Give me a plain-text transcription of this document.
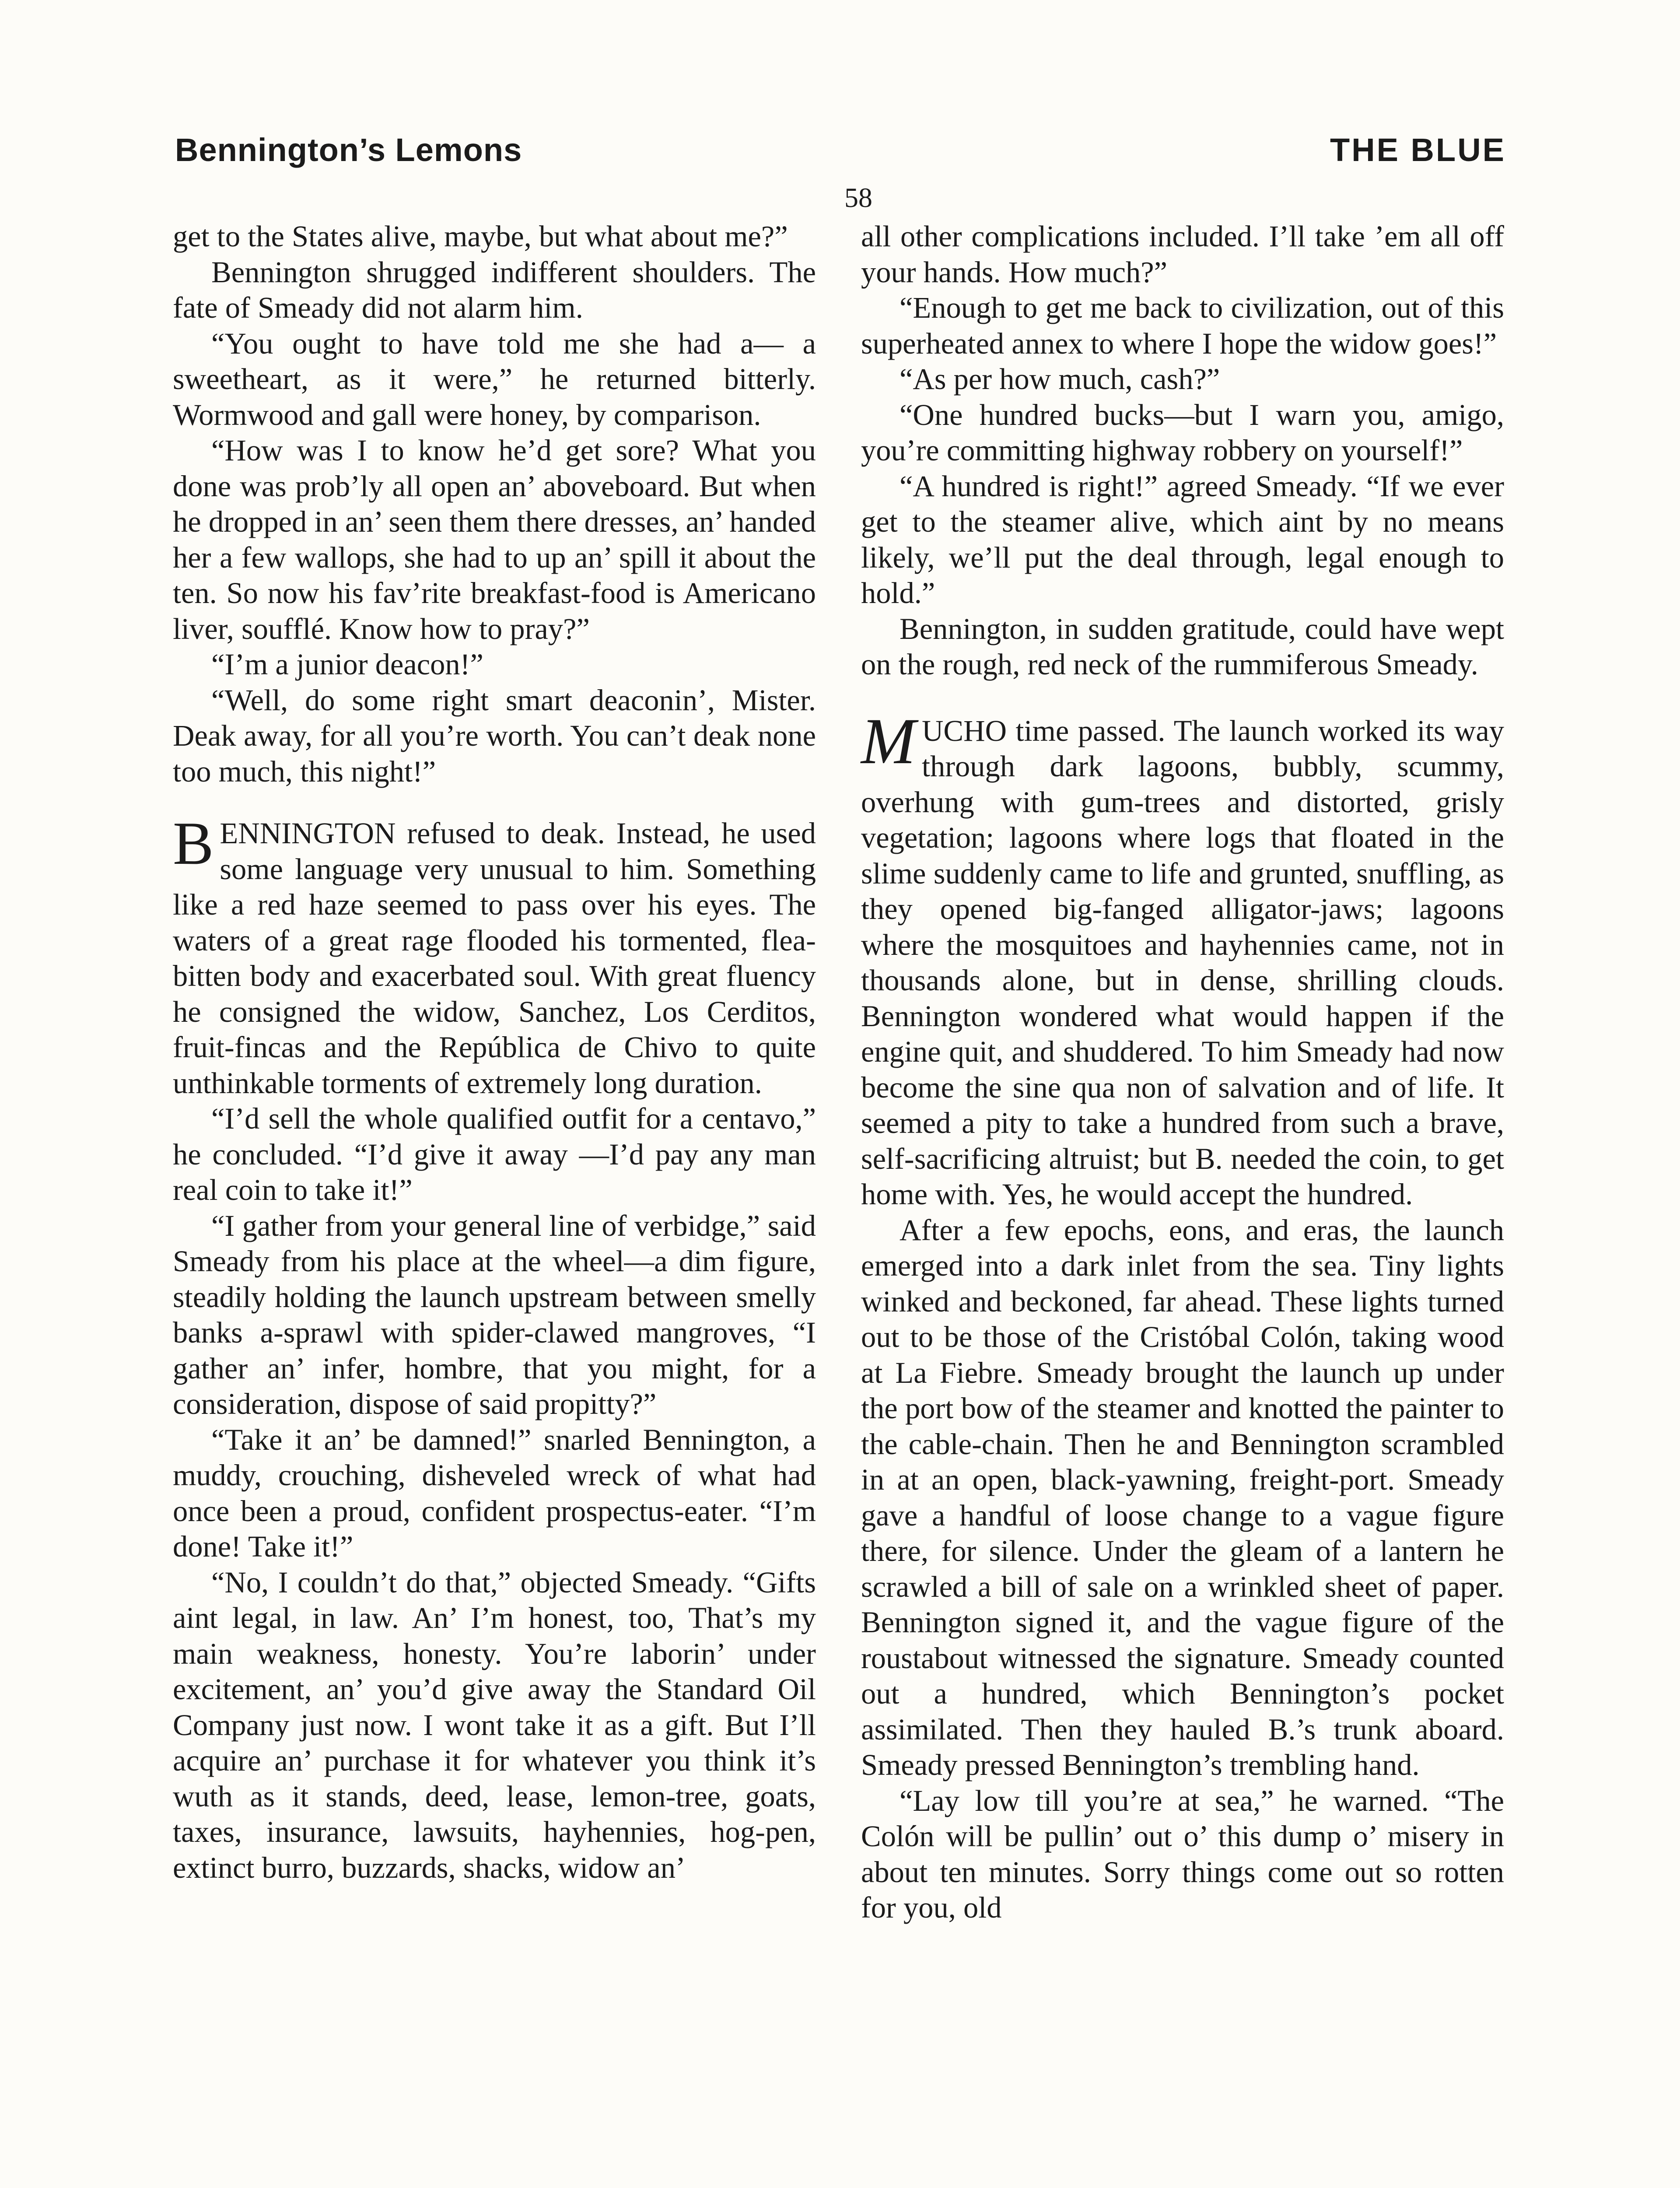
Bennington’s Lemons	THE BLUE
58

get to the States alive, maybe, but what about me?”

Bennington shrugged indifferent shoulders. The fate of Smeady did not alarm him.

“You ought to have told me she had a— a sweetheart, as it were,” he returned bitterly. Wormwood and gall were honey, by comparison.

“How was I to know he’d get sore? What you done was prob’ly all open an’ aboveboard. But when he dropped in an’ seen them there dresses, an’ handed her a few wallops, she had to up an’ spill it about the ten. So now his fav’rite breakfast-food is Americano liver, soufflé. Know how to pray?”

“I’m a junior deacon!”

“Well, do some right smart deaconin’, Mister. Deak away, for all you’re worth. You can’t deak none too much, this night!”

BENNINGTON refused to deak. Instead, he used some language very unusual to him. Something like a red haze seemed to pass over his eyes. The waters of a great rage flooded his tormented, flea-bitten body and exacerbated soul. With great fluency he consigned the widow, Sanchez, Los Cerditos, fruit-fincas and the República de Chivo to quite unthinkable torments of extremely long duration.

“I’d sell the whole qualified outfit for a centavo,” he concluded. “I’d give it away —I’d pay any man real coin to take it!”

“I gather from your general line of verbidge,” said Smeady from his place at the wheel—a dim figure, steadily holding the launch upstream between smelly banks a-sprawl with spider-clawed mangroves, “I gather an’ infer, hombre, that you might, for a consideration, dispose of said propitty?”

“Take it an’ be damned!” snarled Bennington, a muddy, crouching, disheveled wreck of what had once been a proud, confident prospectus-eater. “I’m done! Take it!”

“No, I couldn’t do that,” objected Smeady. “Gifts aint legal, in law. An’ I’m honest, too, That’s my main weakness, honesty. You’re laborin’ under excitement, an’ you’d give away the Standard Oil Company just now. I wont take it as a gift. But I’ll acquire an’ purchase it for whatever you think it’s wuth as it stands, deed, lease, lemon-tree, goats, taxes, insurance, lawsuits, hayhennies, hog-pen, extinct burro, buzzards, shacks, widow an’

all other complications included. I’ll take ’em all off your hands. How much?”

“Enough to get me back to civilization, out of this superheated annex to where I hope the widow goes!”

“As per how much, cash?”

“One hundred bucks—but I warn you, amigo, you’re committing highway robbery on yourself!”

“A hundred is right!” agreed Smeady. “If we ever get to the steamer alive, which aint by no means likely, we’ll put the deal through, legal enough to hold.”

Bennington, in sudden gratitude, could have wept on the rough, red neck of the rummiferous Smeady.

MUCHO time passed. The launch worked its way through dark lagoons, bubbly, scummy, overhung with gum-trees and distorted, grisly vegetation; lagoons where logs that floated in the slime suddenly came to life and grunted, snuffling, as they opened big-fanged alligator-jaws; lagoons where the mosquitoes and hayhennies came, not in thousands alone, but in dense, shrilling clouds. Bennington wondered what would happen if the engine quit, and shuddered. To him Smeady had now become the sine qua non of salvation and of life. It seemed a pity to take a hundred from such a brave, self-sacrificing altruist; but B. needed the coin, to get home with. Yes, he would accept the hundred.

After a few epochs, eons, and eras, the launch emerged into a dark inlet from the sea. Tiny lights winked and beckoned, far ahead. These lights turned out to be those of the Cristóbal Colón, taking wood at La Fiebre. Smeady brought the launch up under the port bow of the steamer and knotted the painter to the cable-chain. Then he and Bennington scrambled in at an open, black-yawning, freight-port. Smeady gave a handful of loose change to a vague figure there, for silence. Under the gleam of a lantern he scrawled a bill of sale on a wrinkled sheet of paper. Bennington signed it, and the vague figure of the roustabout witnessed the signature. Smeady counted out a hundred, which Bennington’s pocket assimilated. Then they hauled B.’s trunk aboard. Smeady pressed Bennington’s trembling hand.

“Lay low till you’re at sea,” he warned. “The Colón will be pullin’ out o’ this dump o’ misery in about ten minutes. Sorry things come out so rotten for you, old
